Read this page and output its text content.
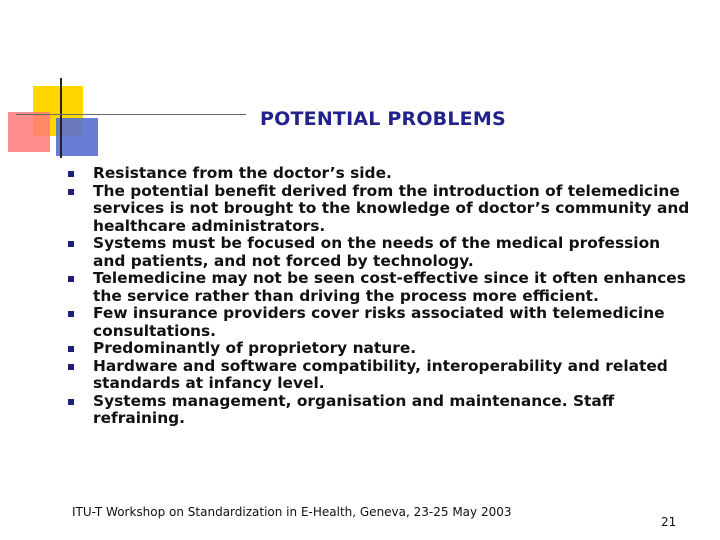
POTENTIAL PROBLEMS
Resistance from the doctor’s side.
The potential benefit derived from the introduction of telemedicine services is not brought to the knowledge of doctor’s community and healthcare administrators.
Systems must be focused on the needs of the medical profession and patients, and not forced by technology.
Telemedicine may not be seen cost-effective since it often enhances the service rather than driving the process more efficient.
Few insurance providers cover risks associated with telemedicine consultations.
Predominantly of proprietory nature.
Hardware and software compatibility, interoperability and related standards at infancy level.
Systems management, organisation and maintenance. Staff refraining.
ITU-T Workshop on Standardization in E-Health, Geneva, 23-25 May 2003
21
